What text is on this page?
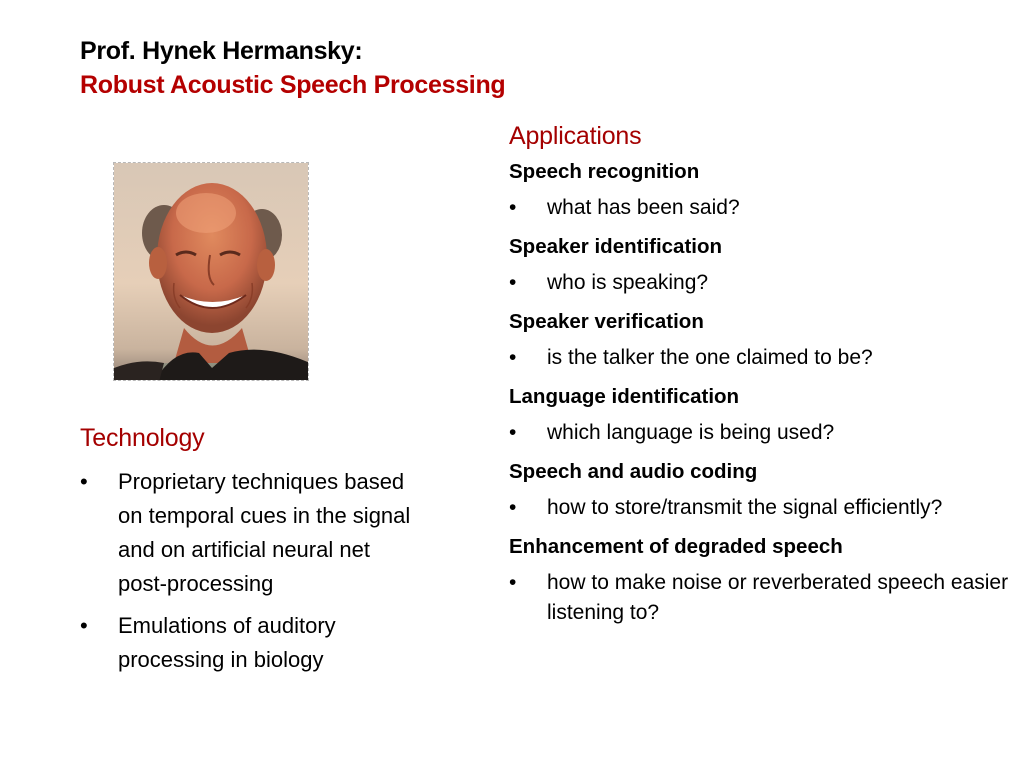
Prof. Hynek Hermansky:
Robust Acoustic Speech Processing
Technology
• Proprietary techniques based on temporal cues in the signal and on artificial neural net post-processing
• Emulations of auditory processing in biology
Applications
Speech recognition
• what has been said?
Speaker identification
• who is speaking?
Speaker verification
• is the talker the one claimed to be?
Language identification
• which language is being used?
Speech and audio coding
• how to store/transmit the signal efficiently?
Enhancement of degraded speech
• how to make noise or reverberated speech easier listening to?
